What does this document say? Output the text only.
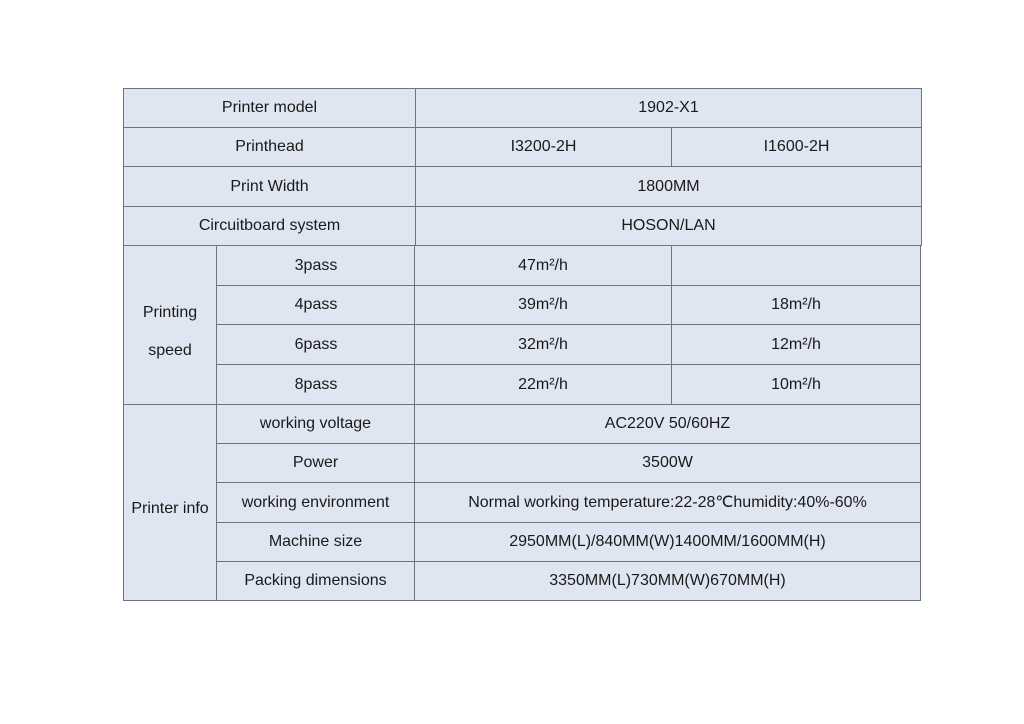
Printer model	1902-X1
Printhead	I3200-2H	I1600-2H
Print Width	1800MM
Circuitboard system	HOSON/LAN
Printing
speed
3pass	47m²/h
4pass	39m²/h	18m²/h
6pass	32m²/h	12m²/h
8pass	22m²/h	10m²/h
Printer info
working voltage	AC220V 50/60HZ
Power	3500W
working environment	Normal working temperature:22-28℃humidity:40%-60%
Machine size	2950MM(L)/840MM(W)1400MM/1600MM(H)
Packing dimensions	3350MM(L)730MM(W)670MM(H)
